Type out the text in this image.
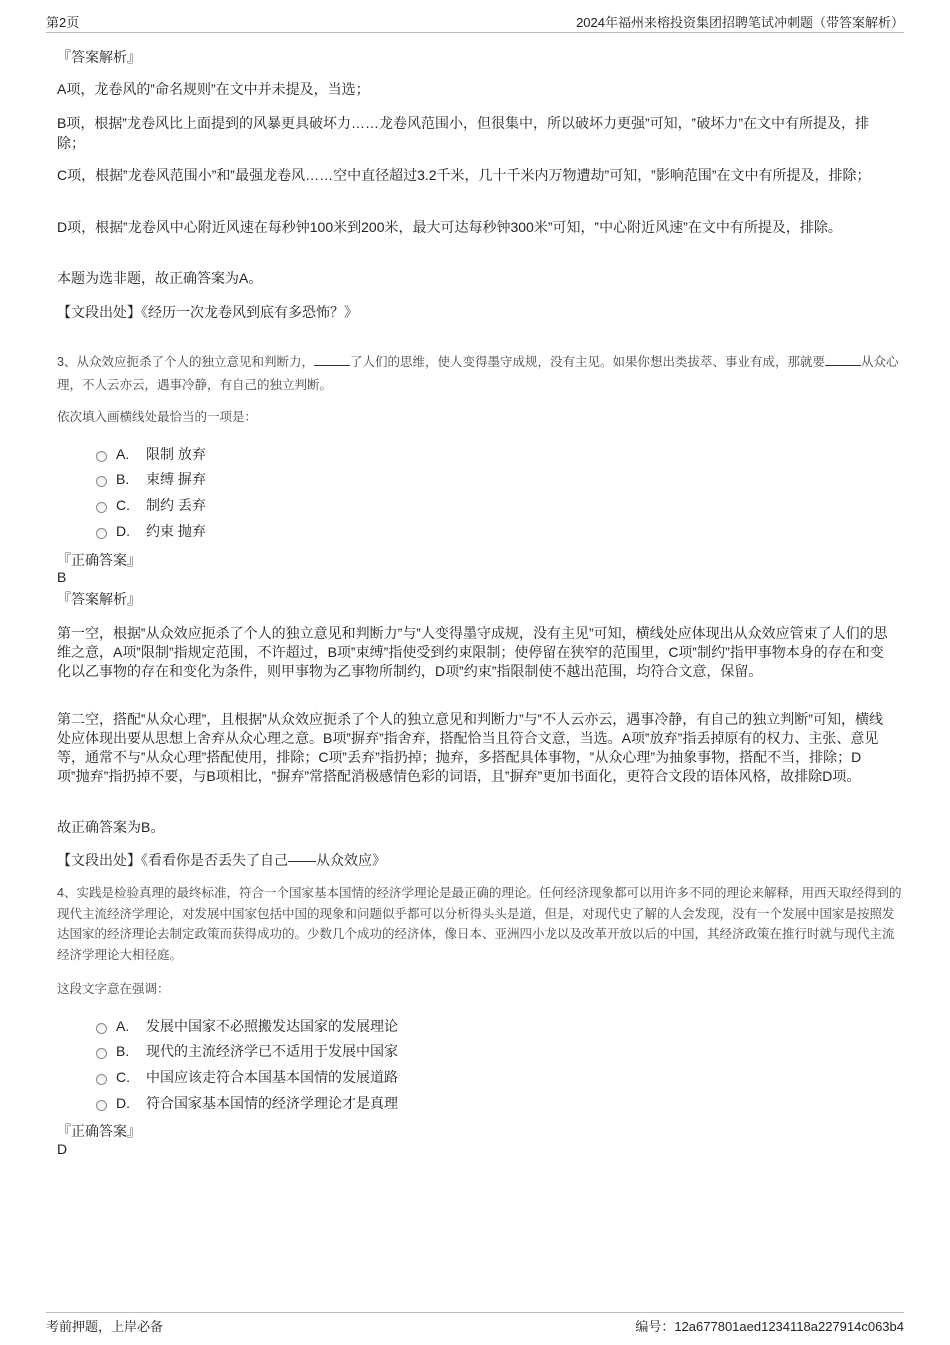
第2页	2024年福州来榕投资集团招聘笔试冲刺题（带答案解析）
『答案解析』
A项，龙卷风的‟命名规则”在文中并未提及，当选；
B项，根据‟龙卷风比上面提到的风暴更具破坏力……龙卷风范围小，但很集中，所以破坏力更强”可知，‟破坏力”在文中有所提及，排除；
C项，根据‟龙卷风范围小”和‟最强龙卷风……空中直径超过3.2千米，几十千米内万物遭劫”可知，‟影响范围”在文中有所提及，排除；
D项，根据‟龙卷风中心附近风速在每秒钟100米到200米，最大可达每秒钟300米”可知，‟中心附近风速”在文中有所提及，排除。
本题为选非题，故正确答案为A。
【文段出处】《经历一次龙卷风到底有多恐怖？》
3、从众效应扼杀了个人的独立意见和判断力，	了人们的思维，使人变得墨守成规，没有主见。如果你想出类拔萃、事业有成，那就要	从众心理，不人云亦云，遇事冷静，有自己的独立判断。
依次填入画横线处最恰当的一项是：
A.	限制 放弃
B.	束缚 摒弃
C.	制约 丢弃
D.	约束 抛弃
『正确答案』
B
『答案解析』
第一空，根据‟从众效应扼杀了个人的独立意见和判断力”与‟人变得墨守成规，没有主见”可知，横线处应体现出从众效应管束了人们的思维之意，A项‟限制”指规定范围，不许超过，B项‟束缚”指使受到约束限制；使停留在狭窄的范围里，C项‟制约”指甲事物本身的存在和变化以乙事物的存在和变化为条件，则甲事物为乙事物所制约，D项‟约束”指限制使不越出范围，均符合文意，保留。
第二空，搭配‟从众心理”，且根据‟从众效应扼杀了个人的独立意见和判断力”与‟不人云亦云，遇事冷静，有自己的独立判断”可知，横线处应体现出要从思想上舍弃从众心理之意。B项‟摒弃”指舍弃，搭配恰当且符合文意，当选。A项‟放弃”指丢掉原有的权力、主张、意见等，通常不与‟从众心理”搭配使用，排除；C项‟丢弃”指扔掉；抛弃，多搭配具体事物，‟从众心理”为抽象事物，搭配不当，排除；D项‟抛弃”指扔掉不要，与B项相比，‟摒弃”常搭配消极感情色彩的词语，且‟摒弃”更加书面化，更符合文段的语体风格，故排除D项。
故正确答案为B。
【文段出处】《看看你是否丢失了自己——从众效应》
4、实践是检验真理的最终标准，符合一个国家基本国情的经济学理论是最正确的理论。任何经济现象都可以用许多不同的理论来解释，用西天取经得到的现代主流经济学理论，对发展中国家包括中国的现象和问题似乎都可以分析得头头是道，但是，对现代史了解的人会发现，没有一个发展中国家是按照发达国家的经济理论去制定政策而获得成功的。少数几个成功的经济体，像日本、亚洲四小龙以及改革开放以后的中国，其经济政策在推行时就与现代主流经济学理论大相径庭。
这段文字意在强调：
A.	发展中国家不必照搬发达国家的发展理论
B.	现代的主流经济学已不适用于发展中国家
C.	中国应该走符合本国基本国情的发展道路
D.	符合国家基本国情的经济学理论才是真理
『正确答案』
D
考前押题，上岸必备	编号：12a677801aed1234118a227914c063b4
